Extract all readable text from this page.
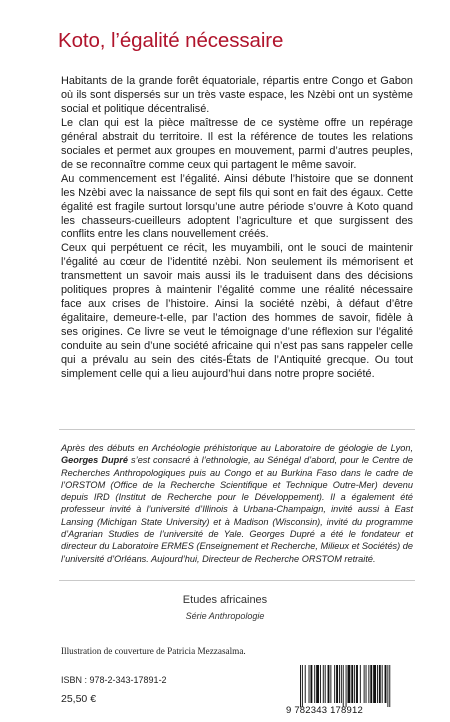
Koto, l’égalité nécessaire

Habitants de la grande forêt équatoriale, répartis entre Congo et Gabon où ils sont dispersés sur un très vaste espace, les Nzèbi ont un système social et politique décentralisé.

Le clan qui est la pièce maîtresse de ce système offre un repérage général abstrait du territoire. Il est la référence de toutes les relations sociales et permet aux groupes en mouvement, parmi d’autres peuples, de se reconnaître comme ceux qui partagent le même savoir.

Au commencement est l’égalité. Ainsi débute l’histoire que se donnent les Nzèbi avec la naissance de sept fils qui sont en fait des égaux. Cette égalité est fragile surtout lorsqu’une autre période s’ouvre à Koto quand les chasseurs-cueilleurs adoptent l’agriculture et que surgissent des conflits entre les clans nouvellement créés.

Ceux qui perpétuent ce récit, les muyambili, ont le souci de maintenir l’égalité au cœur de l’identité nzèbi. Non seulement ils mémorisent et transmettent un savoir mais aussi ils le traduisent dans des décisions politiques propres à maintenir l’égalité comme une réalité nécessaire face aux crises de l’histoire. Ainsi la société nzèbi, à défaut d’être égalitaire, demeure-t-elle, par l’action des hommes de savoir, fidèle à ses origines. Ce livre se veut le témoignage d’une réflexion sur l’égalité conduite au sein d’une société africaine qui n’est pas sans rappeler celle qui a prévalu au sein des cités-États de l’Antiquité grecque. Ou tout simplement celle qui a lieu aujourd’hui dans notre propre société.

Après des débuts en Archéologie préhistorique au Laboratoire de géologie de Lyon, Georges Dupré s’est consacré à l’ethnologie, au Sénégal d’abord, pour le Centre de Recherches Anthropologiques puis au Congo et au Burkina Faso dans le cadre de l’ORSTOM (Office de la Recherche Scientifique et Technique Outre-Mer) devenu depuis IRD (Institut de Recherche pour le Développement). Il a également été professeur invité à l’université d’Illinois à Urbana-Champaign, invité aussi à East Lansing (Michigan State University) et à Madison (Wisconsin), invité du programme d’Agrarian Studies de l’université de Yale. Georges Dupré a été le fondateur et directeur du Laboratoire ERMES (Enseignement et Recherche, Milieux et Sociétés) de l’université d’Orléans. Aujourd’hui, Directeur de Recherche ORSTOM retraité.
Etudes africaines
Série Anthropologie
Illustration de couverture de Patricia Mezzasalma.
ISBN : 978-2-343-17891-2
25,50 €
9 782343 178912
